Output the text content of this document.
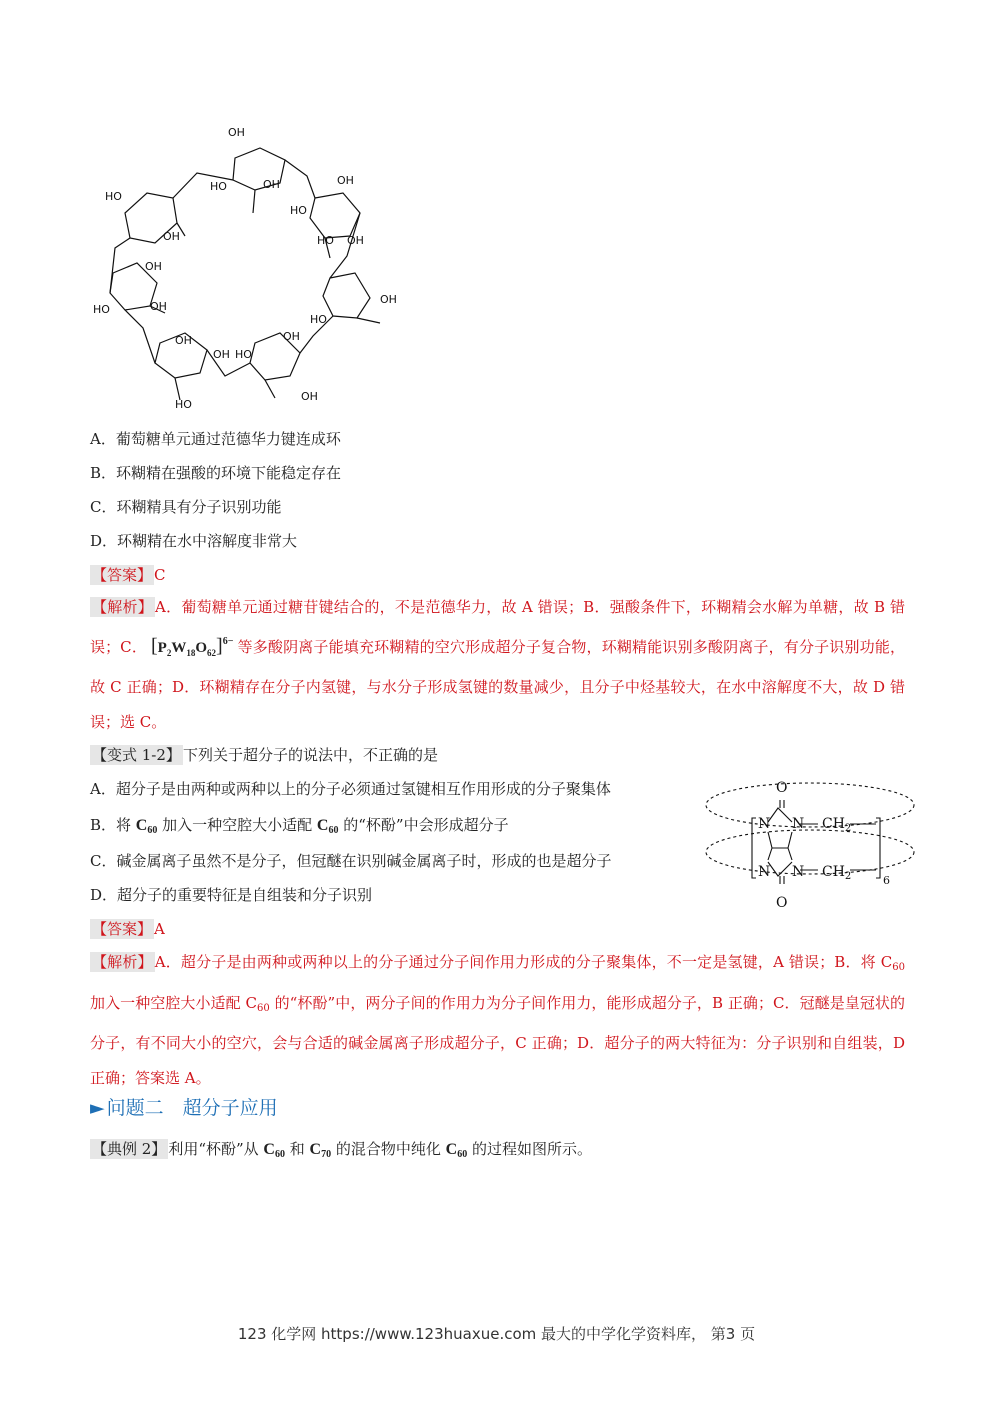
OH
HO
HO	OH	OH
HO
HO OH
OH
OH
OH
HO
OH
HO
OH
OH
OH HO
HO
OH
A．葡萄糖单元通过范德华力键连成环
B．环糊精在强酸的环境下能稳定存在
C．环糊精具有分子识别功能
D．环糊精在水中溶解度非常大
【答案】 C
【解析】 A．葡萄糖单元通过糖苷键结合的，不是范德华力，故 A 错误；B．强酸条件下，环糊精会水解为单糖，故 B 错误；C． $[P_2W_{18}O_{62}]^{6-}$ 等多酸阴离子能填充环糊精的空穴形成超分子复合物，环糊精能识别多酸阴离子，有分子识别功能，故 C 正确；D．环糊精存在分子内氢键，与水分子形成氢键的数量减少，且分子中烃基较大，在水中溶解度不大，故 D 错误；选 C。
【变式 1-2】 下列关于超分子的说法中，不正确的是
A．超分子是由两种或两种以上的分子必须通过氢键相互作用形成的分子聚集体
B．将 $C_{60}$ 加入一种空腔大小适配 $C_{60}$ 的“杯酚”中会形成超分子
C．碱金属离子虽然不是分子，但冠醚在识别碱金属离子时，形成的也是超分子
D．超分子的重要特征是自组装和分子识别
O
N N
N N
O
$CH_2$
$CH_2$	6
【答案】 A
【解析】 A．超分子是由两种或两种以上的分子通过分子间作用力形成的分子聚集体，不一定是氢键，A 错误；B．将 $C_{60}$ 加入一种空腔大小适配 $C_{60}$ 的“杯酚”中，两分子间的作用力为分子间作用力，能形成超分子，B 正确；C．冠醚是皇冠状的分子，有不同大小的空穴，会与合适的碱金属离子形成超分子，C 正确；D．超分子的两大特征为：分子识别和自组装，D 正确；答案选 A。
► 问题二　超分子应用
【典例 2】 利用“杯酚”从 $C_{60}$ 和 $C_{70}$ 的混合物中纯化 $C_{60}$ 的过程如图所示。
123 化学网 https://www.123huaxue.com 最大的中学化学资料库， 第3 页
